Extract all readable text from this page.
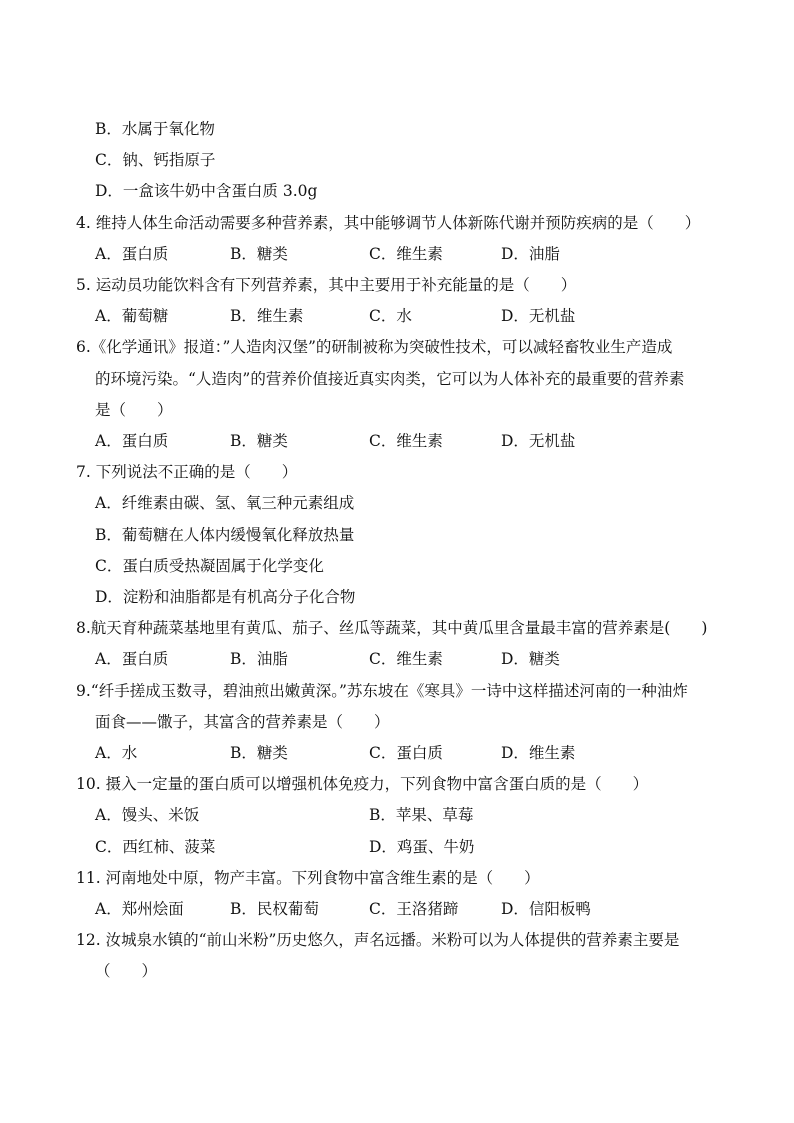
B．水属于氧化物
C．钠、钙指原子
D．一盒该牛奶中含蛋白质 3.0g
4. 维持人体生命活动需要多种营养素，其中能够调节人体新陈代谢并预防疾病的是（　　）
A．蛋白质	B．糖类	C．维生素	D．油脂
5. 运动员功能饮料含有下列营养素，其中主要用于补充能量的是（　　）
A．葡萄糖	B．维生素	C．水	D．无机盐
6.《化学通讯》报道：”人造肉汉堡”的研制被称为突破性技术，可以减轻畜牧业生产造成
的环境污染。“人造肉”的营养价值接近真实肉类，它可以为人体补充的最重要的营养素
是（　　）
A．蛋白质	B．糖类	C．维生素	D．无机盐
7. 下列说法不正确的是（　　）
A．纤维素由碳、氢、氧三种元素组成
B．葡萄糖在人体内缓慢氧化释放热量
C．蛋白质受热凝固属于化学变化
D．淀粉和油脂都是有机高分子化合物
8.航天育种蔬菜基地里有黄瓜、茄子、丝瓜等蔬菜，其中黄瓜里含量最丰富的营养素是(　　)
A．蛋白质	B．油脂	C．维生素	D．糖类
9.“纤手搓成玉数寻，碧油煎出嫩黄深。”苏东坡在《寒具》一诗中这样描述河南的一种油炸
面食——馓子，其富含的营养素是（　　）
A．水	B．糖类	C．蛋白质	D．维生素
10. 摄入一定量的蛋白质可以增强机体免疫力，下列食物中富含蛋白质的是（　　）
A．馒头、米饭	B．苹果、草莓
C．西红柿、菠菜	D．鸡蛋、牛奶
11. 河南地处中原，物产丰富。下列食物中富含维生素的是（　　）
A．郑州烩面	B．民权葡萄	C．王洛猪蹄	D．信阳板鸭
12. 汝城泉水镇的“前山米粉”历史悠久，声名远播。米粉可以为人体提供的营养素主要是
（　　）
